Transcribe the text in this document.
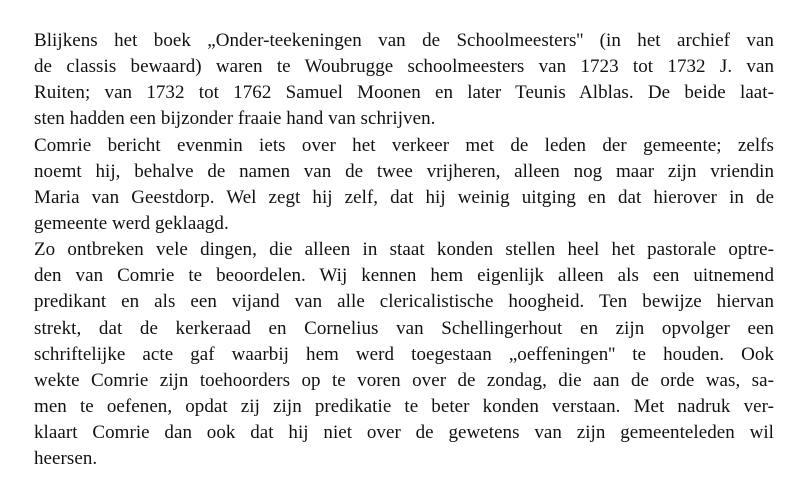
Blijkens het boek „Onder-teekeningen van de Schoolmeesters'' (in het archief van
de classis bewaard) waren te Woubrugge schoolmeesters van 1723 tot 1732 J. van
Ruiten; van 1732 tot 1762 Samuel Moonen en later Teunis Alblas. De beide laat-
sten hadden een bijzonder fraaie hand van schrijven.
Comrie bericht evenmin iets over het verkeer met de leden der gemeente; zelfs
noemt hij, behalve de namen van de twee vrijheren, alleen nog maar zijn vriendin
Maria van Geestdorp. Wel zegt hij zelf, dat hij weinig uitging en dat hierover in de
gemeente werd geklaagd.
Zo ontbreken vele dingen, die alleen in staat konden stellen heel het pastorale optre-
den van Comrie te beoordelen. Wij kennen hem eigenlijk alleen als een uitnemend
predikant en als een vijand van alle clericalistische hoogheid. Ten bewijze hiervan
strekt, dat de kerkeraad en Cornelius van Schellingerhout en zijn opvolger een
schriftelijke acte gaf waarbij hem werd toegestaan „oeffeningen'' te houden. Ook
wekte Comrie zijn toehoorders op te voren over de zondag, die aan de orde was, sa-
men te oefenen, opdat zij zijn predikatie te beter konden verstaan. Met nadruk ver-
klaart Comrie dan ook dat hij niet over de gewetens van zijn gemeenteleden wil
heersen.
